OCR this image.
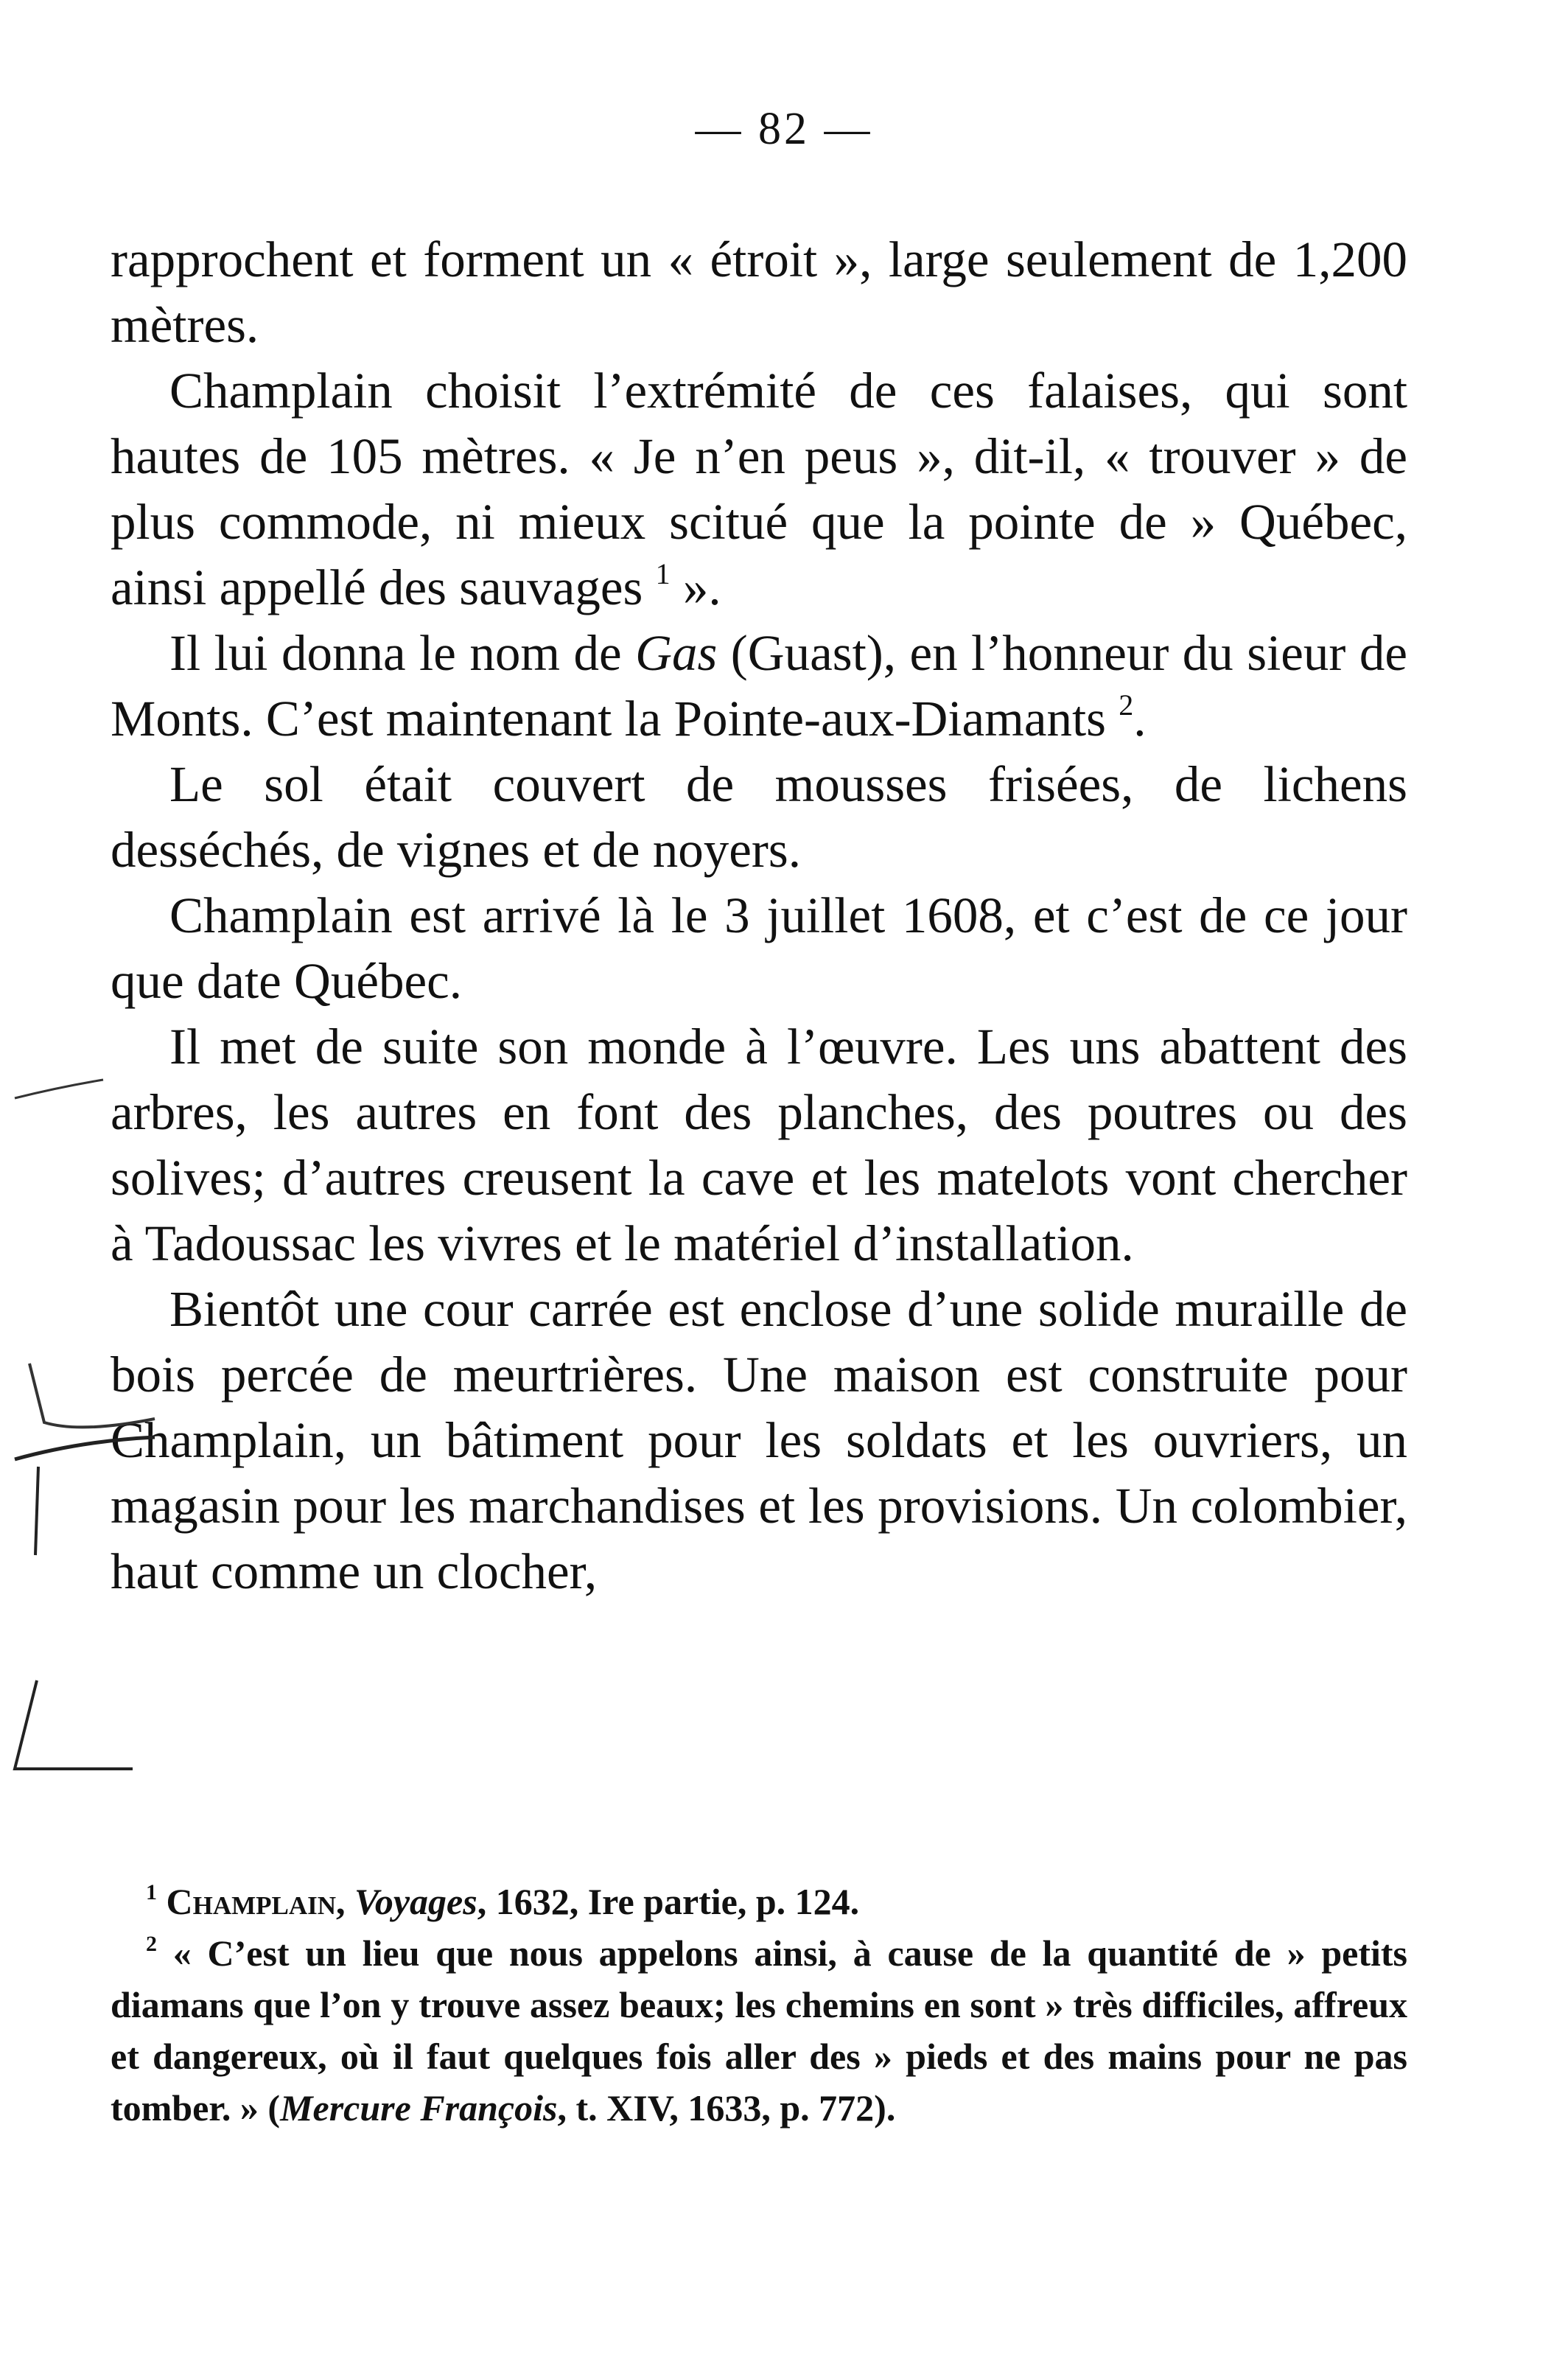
— 82 —

rapprochent et forment un « étroit », large seulement de 1,200 mètres.

Champlain choisit l’extrémité de ces falaises, qui sont hautes de 105 mètres. « Je n’en peus », dit-il, « trouver » de plus commode, ni mieux scitué que la pointe de » Québec, ainsi appellé des sauvages $^1$ ».

Il lui donna le nom de Gas (Guast), en l’honneur du sieur de Monts. C’est maintenant la Pointe-aux-Diamants $^2$.

Le sol était couvert de mousses frisées, de lichens desséchés, de vignes et de noyers.

Champlain est arrivé là le 3 juillet 1608, et c’est de ce jour que date Québec.

Il met de suite son monde à l’œuvre. Les uns abattent des arbres, les autres en font des planches, des poutres ou des solives; d’autres creusent la cave et les matelots vont chercher à Tadoussac les vivres et le matériel d’installation.

Bientôt une cour carrée est enclose d’une solide muraille de bois percée de meurtrières. Une maison est construite pour Champlain, un bâtiment pour les soldats et les ouvriers, un magasin pour les marchandises et les provisions. Un colombier, haut comme un clocher,

$^1$ Champlain, Voyages, 1632, Ire partie, p. 124.

$^2$ « C’est un lieu que nous appelons ainsi, à cause de la quantité de » petits diamans que l’on y trouve assez beaux; les chemins en sont » très difficiles, affreux et dangereux, où il faut quelques fois aller des » pieds et des mains pour ne pas tomber. » (Mercure François, t. XIV, 1633, p. 772).
